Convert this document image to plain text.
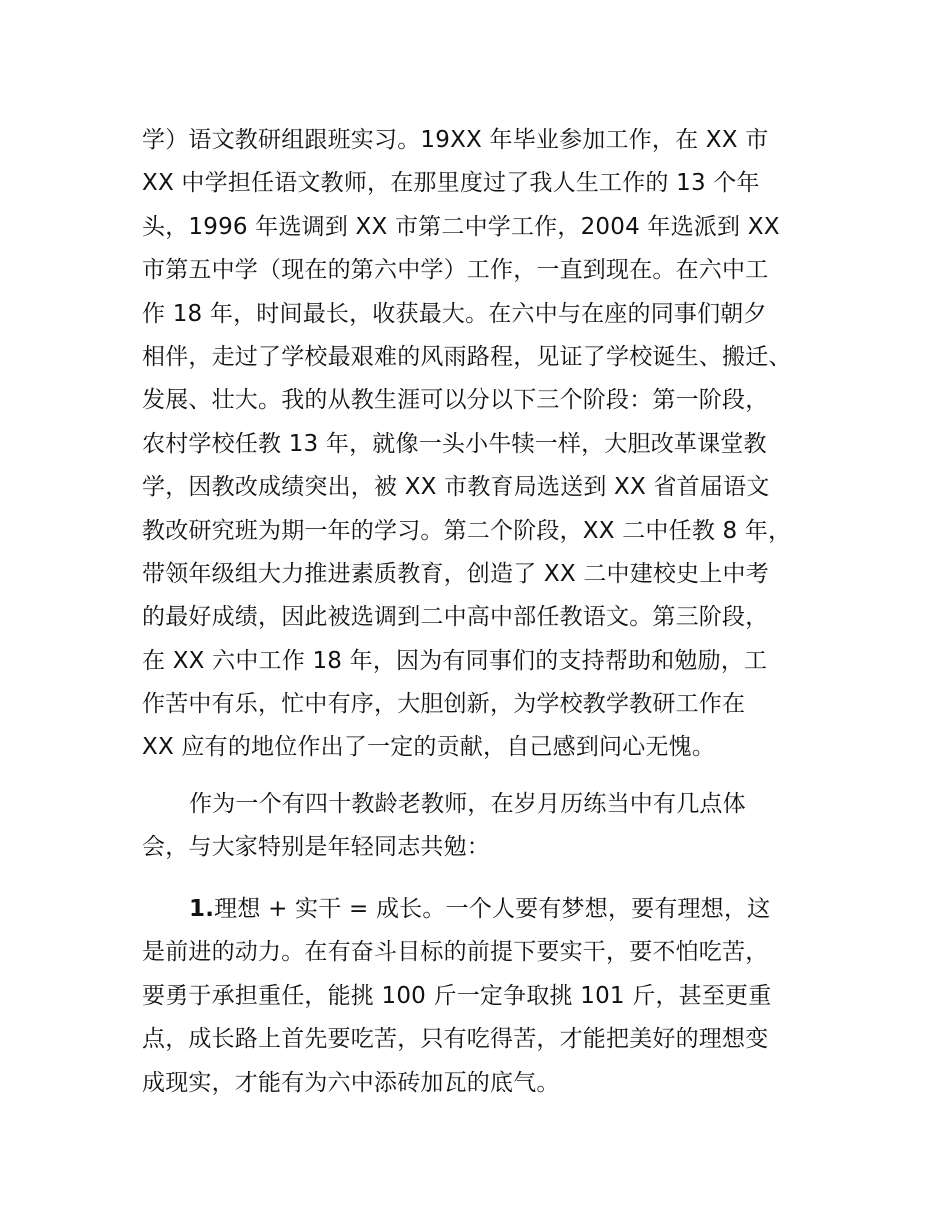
学）语文教研组跟班实习。19XX 年毕业参加工作，在 XX 市
XX 中学担任语文教师，在那里度过了我人生工作的 13 个年
头，1996 年选调到 XX 市第二中学工作，2004 年选派到 XX
市第五中学（现在的第六中学）工作，一直到现在。在六中工
作 18 年，时间最长，收获最大。在六中与在座的同事们朝夕
相伴，走过了学校最艰难的风雨路程，见证了学校诞生、搬迁、
发展、壮大。我的从教生涯可以分以下三个阶段：第一阶段，
农村学校任教 13 年，就像一头小牛犊一样，大胆改革课堂教
学，因教改成绩突出，被 XX 市教育局选送到 XX 省首届语文
教改研究班为期一年的学习。第二个阶段，XX 二中任教 8 年，
带领年级组大力推进素质教育，创造了 XX 二中建校史上中考
的最好成绩，因此被选调到二中高中部任教语文。第三阶段，
在 XX 六中工作 18 年，因为有同事们的支持帮助和勉励，工
作苦中有乐，忙中有序，大胆创新，为学校教学教研工作在
XX 应有的地位作出了一定的贡献，自己感到问心无愧。
作为一个有四十教龄老教师，在岁月历练当中有几点体
会，与大家特别是年轻同志共勉：
1.理想 + 实干 = 成长。一个人要有梦想，要有理想，这
是前进的动力。在有奋斗目标的前提下要实干，要不怕吃苦，
要勇于承担重任，能挑 100 斤一定争取挑 101 斤，甚至更重
点，成长路上首先要吃苦，只有吃得苦，才能把美好的理想变
成现实，才能有为六中添砖加瓦的底气。
